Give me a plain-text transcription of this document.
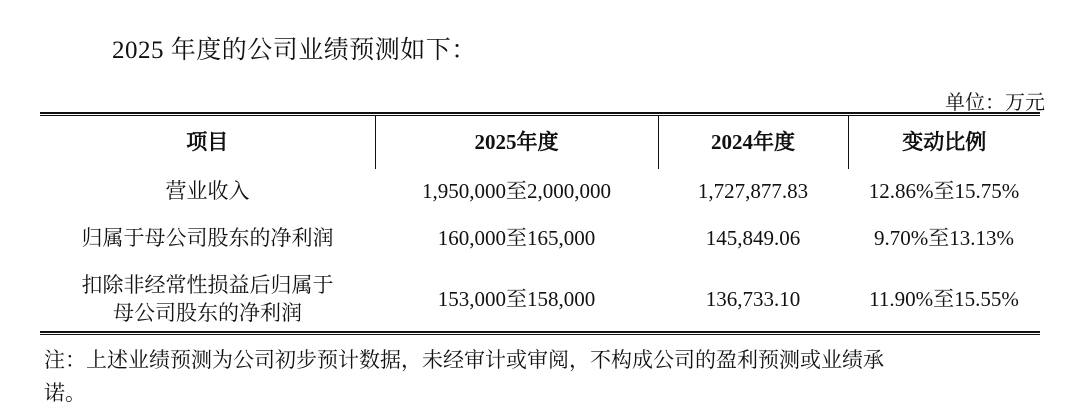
2025 年度的公司业绩预测如下：
单位：万元
项目	2025年度	2024年度	变动比例
营业收入	1,950,000至2,000,000	1,727,877.83	12.86%至15.75%
归属于母公司股东的净利润	160,000至165,000	145,849.06	9.70%至13.13%

扣除非经常性损益后归属于
母公司股东的净利润	153,000至158,000	136,733.10	11.90%至15.55%
注：上述业绩预测为公司初步预计数据，未经审计或审阅，不构成公司的盈利预测或业绩承
诺。
